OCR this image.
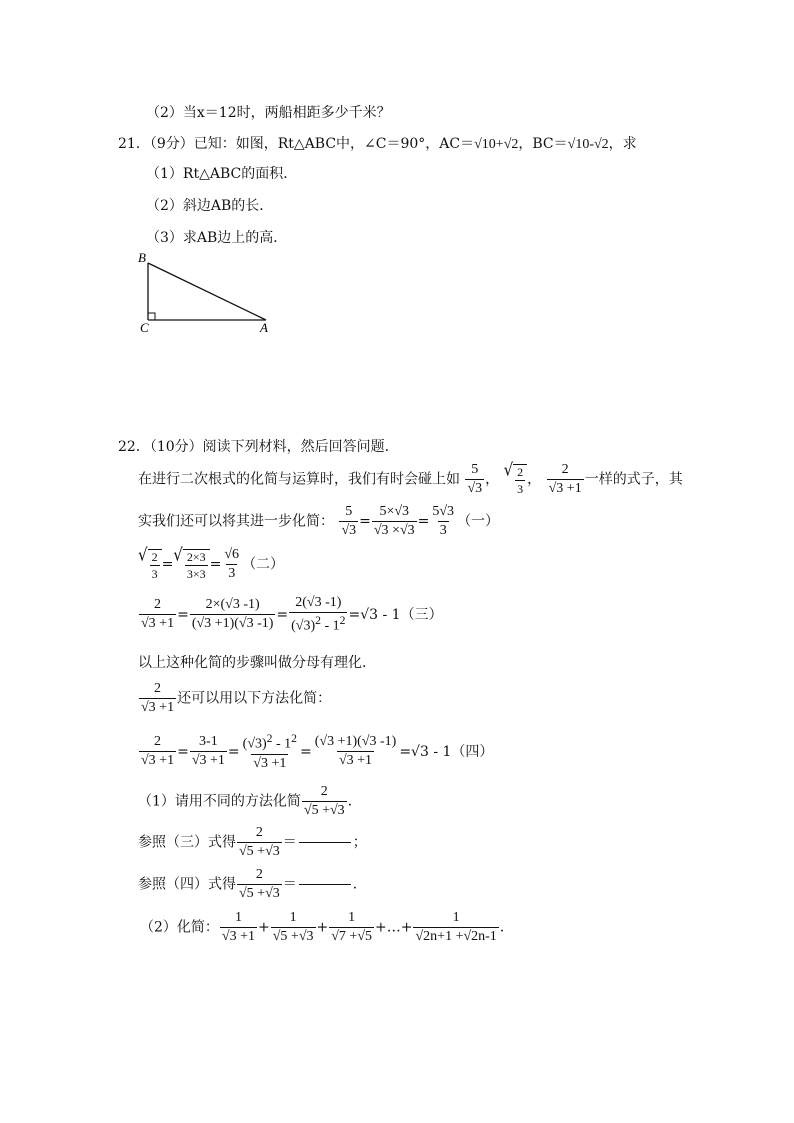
（2）当x＝12时，两船相距多少千米？
21．（9分）已知：如图，Rt△ABC中，∠C＝90°，AC＝√10+√2，BC＝√10-√2，求
（1）Rt△ABC的面积．
（2）斜边AB的长．
（3）求AB边上的高．
B
C	A
22．（10分）阅读下列材料，然后回答问题．
在进行二次根式的化简与运算时，我们有时会碰上如 $\frac{5}{√3}$ ， √ $\frac{2}{3}$ ， $\frac{2}{√3 +1}$ 一样的式子，其
实我们还可以将其进一步化简： $\frac{5}{√3} = \frac{5\times√3}{√3 \times√3} = \frac{5√3}{3}$ （一）
√ $\frac{2}{3}$ = √ $\frac{2\times 3}{3\times 3} = \frac{√6}{3}$ （二）
$\frac{2}{√3 +1} = \frac{2\times(√3 -1)}{(√3 +1)(√3 -1)} = \frac{2(√3 -1)}{(√3)^2 - 1^2} =√3 - 1$（三）
以上这种化简的步骤叫做分母有理化．
$\frac{2}{√3 +1}$ 还可以用以下方法化简：
$\frac{2}{√3 +1} = \frac{3-1}{√3 +1} = \frac{(√3)^2 - 1^2}{√3 +1} = \frac{(√3 +1)(√3 -1)}{√3 +1} =√3 - 1$（四）
（1）请用不同的方法化简 $\frac{2}{√5 +√3}$ ．
参照（三）式得 $\frac{2}{√5 +√3}$ ＝	；
参照（四）式得 $\frac{2}{√5 +√3}$ ＝	．
（2）化简： $\frac{1}{√3 +1} + \frac{1}{√5 +√3} + \frac{1}{√7 +√5}$ +…+ $\frac{1}{√2n+1 +√2n-1}$ ．
